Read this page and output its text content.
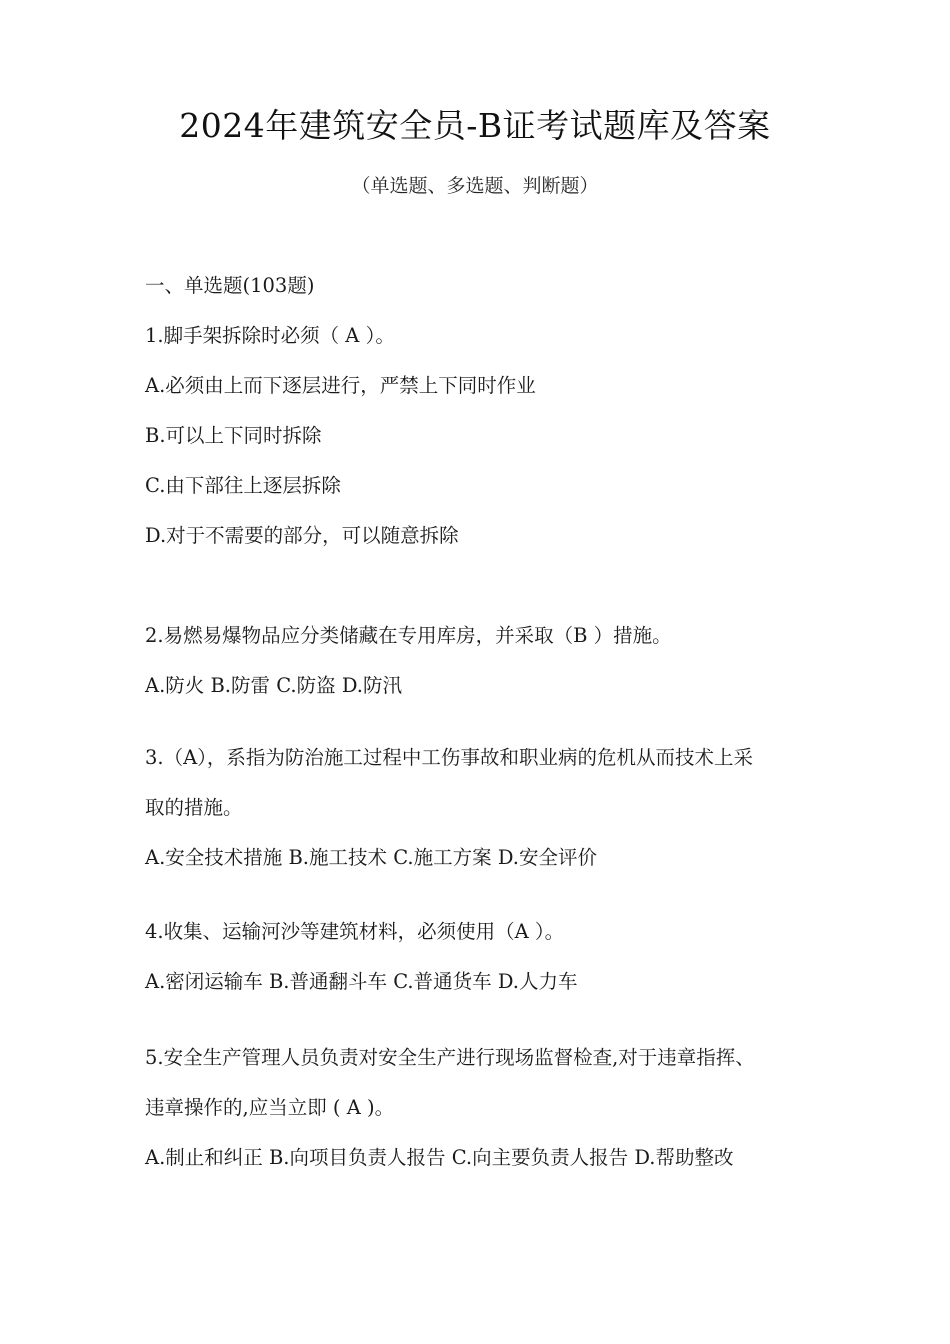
2024年建筑安全员-B证考试题库及答案
（单选题、多选题、判断题）
一、单选题(103题)
1.脚手架拆除时必须（ A ）。
A.必须由上而下逐层进行，严禁上下同时作业
B.可以上下同时拆除
C.由下部往上逐层拆除
D.对于不需要的部分，可以随意拆除
2.易燃易爆物品应分类储藏在专用库房，并采取（B ）措施。
A.防火 B.防雷 C.防盗 D.防汛
3.（A），系指为防治施工过程中工伤事故和职业病的危机从而技术上采
取的措施。
A.安全技术措施 B.施工技术 C.施工方案 D.安全评价
4.收集、运输河沙等建筑材料，必须使用（A ）。
A.密闭运输车 B.普通翻斗车 C.普通货车 D.人力车
5.安全生产管理人员负责对安全生产进行现场监督检查,对于违章指挥、
违章操作的,应当立即 ( A )。
A.制止和纠正 B.向项目负责人报告 C.向主要负责人报告 D.帮助整改
